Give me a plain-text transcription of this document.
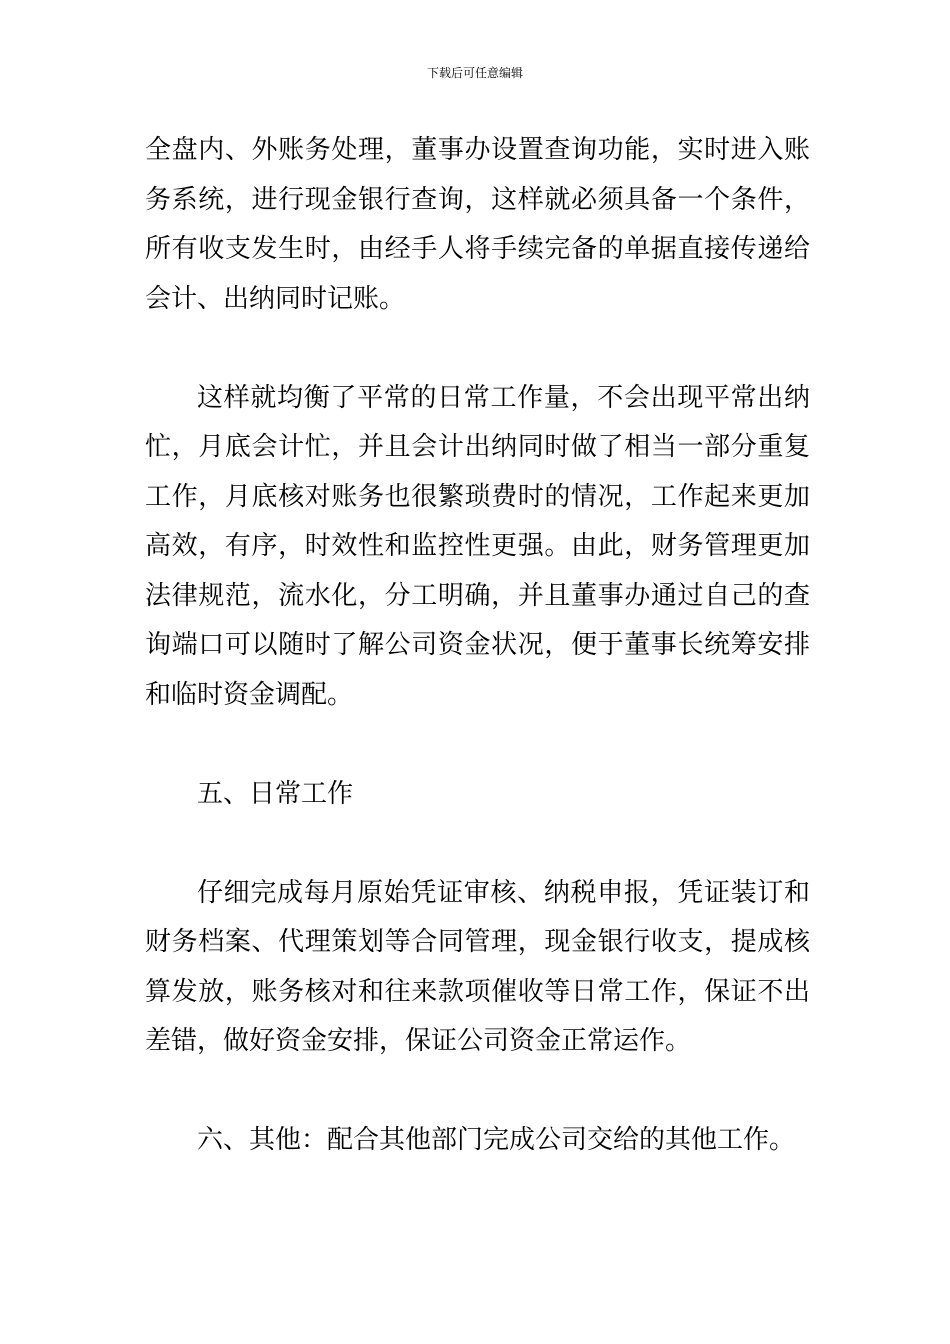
下载后可任意编辑
全盘内、外账务处理，董事办设置查询功能，实时进入账
务系统，进行现金银行查询，这样就必须具备一个条件，
所有收支发生时，由经手人将手续完备的单据直接传递给
会计、出纳同时记账。
这样就均衡了平常的日常工作量，不会出现平常出纳
忙，月底会计忙，并且会计出纳同时做了相当一部分重复
工作，月底核对账务也很繁琐费时的情况，工作起来更加
高效，有序，时效性和监控性更强。由此，财务管理更加
法律规范，流水化，分工明确，并且董事办通过自己的查
询端口可以随时了解公司资金状况，便于董事长统筹安排
和临时资金调配。
五、日常工作
仔细完成每月原始凭证审核、纳税申报，凭证装订和
财务档案、代理策划等合同管理，现金银行收支，提成核
算发放，账务核对和往来款项催收等日常工作，保证不出
差错，做好资金安排，保证公司资金正常运作。
六、其他：配合其他部门完成公司交给的其他工作。
